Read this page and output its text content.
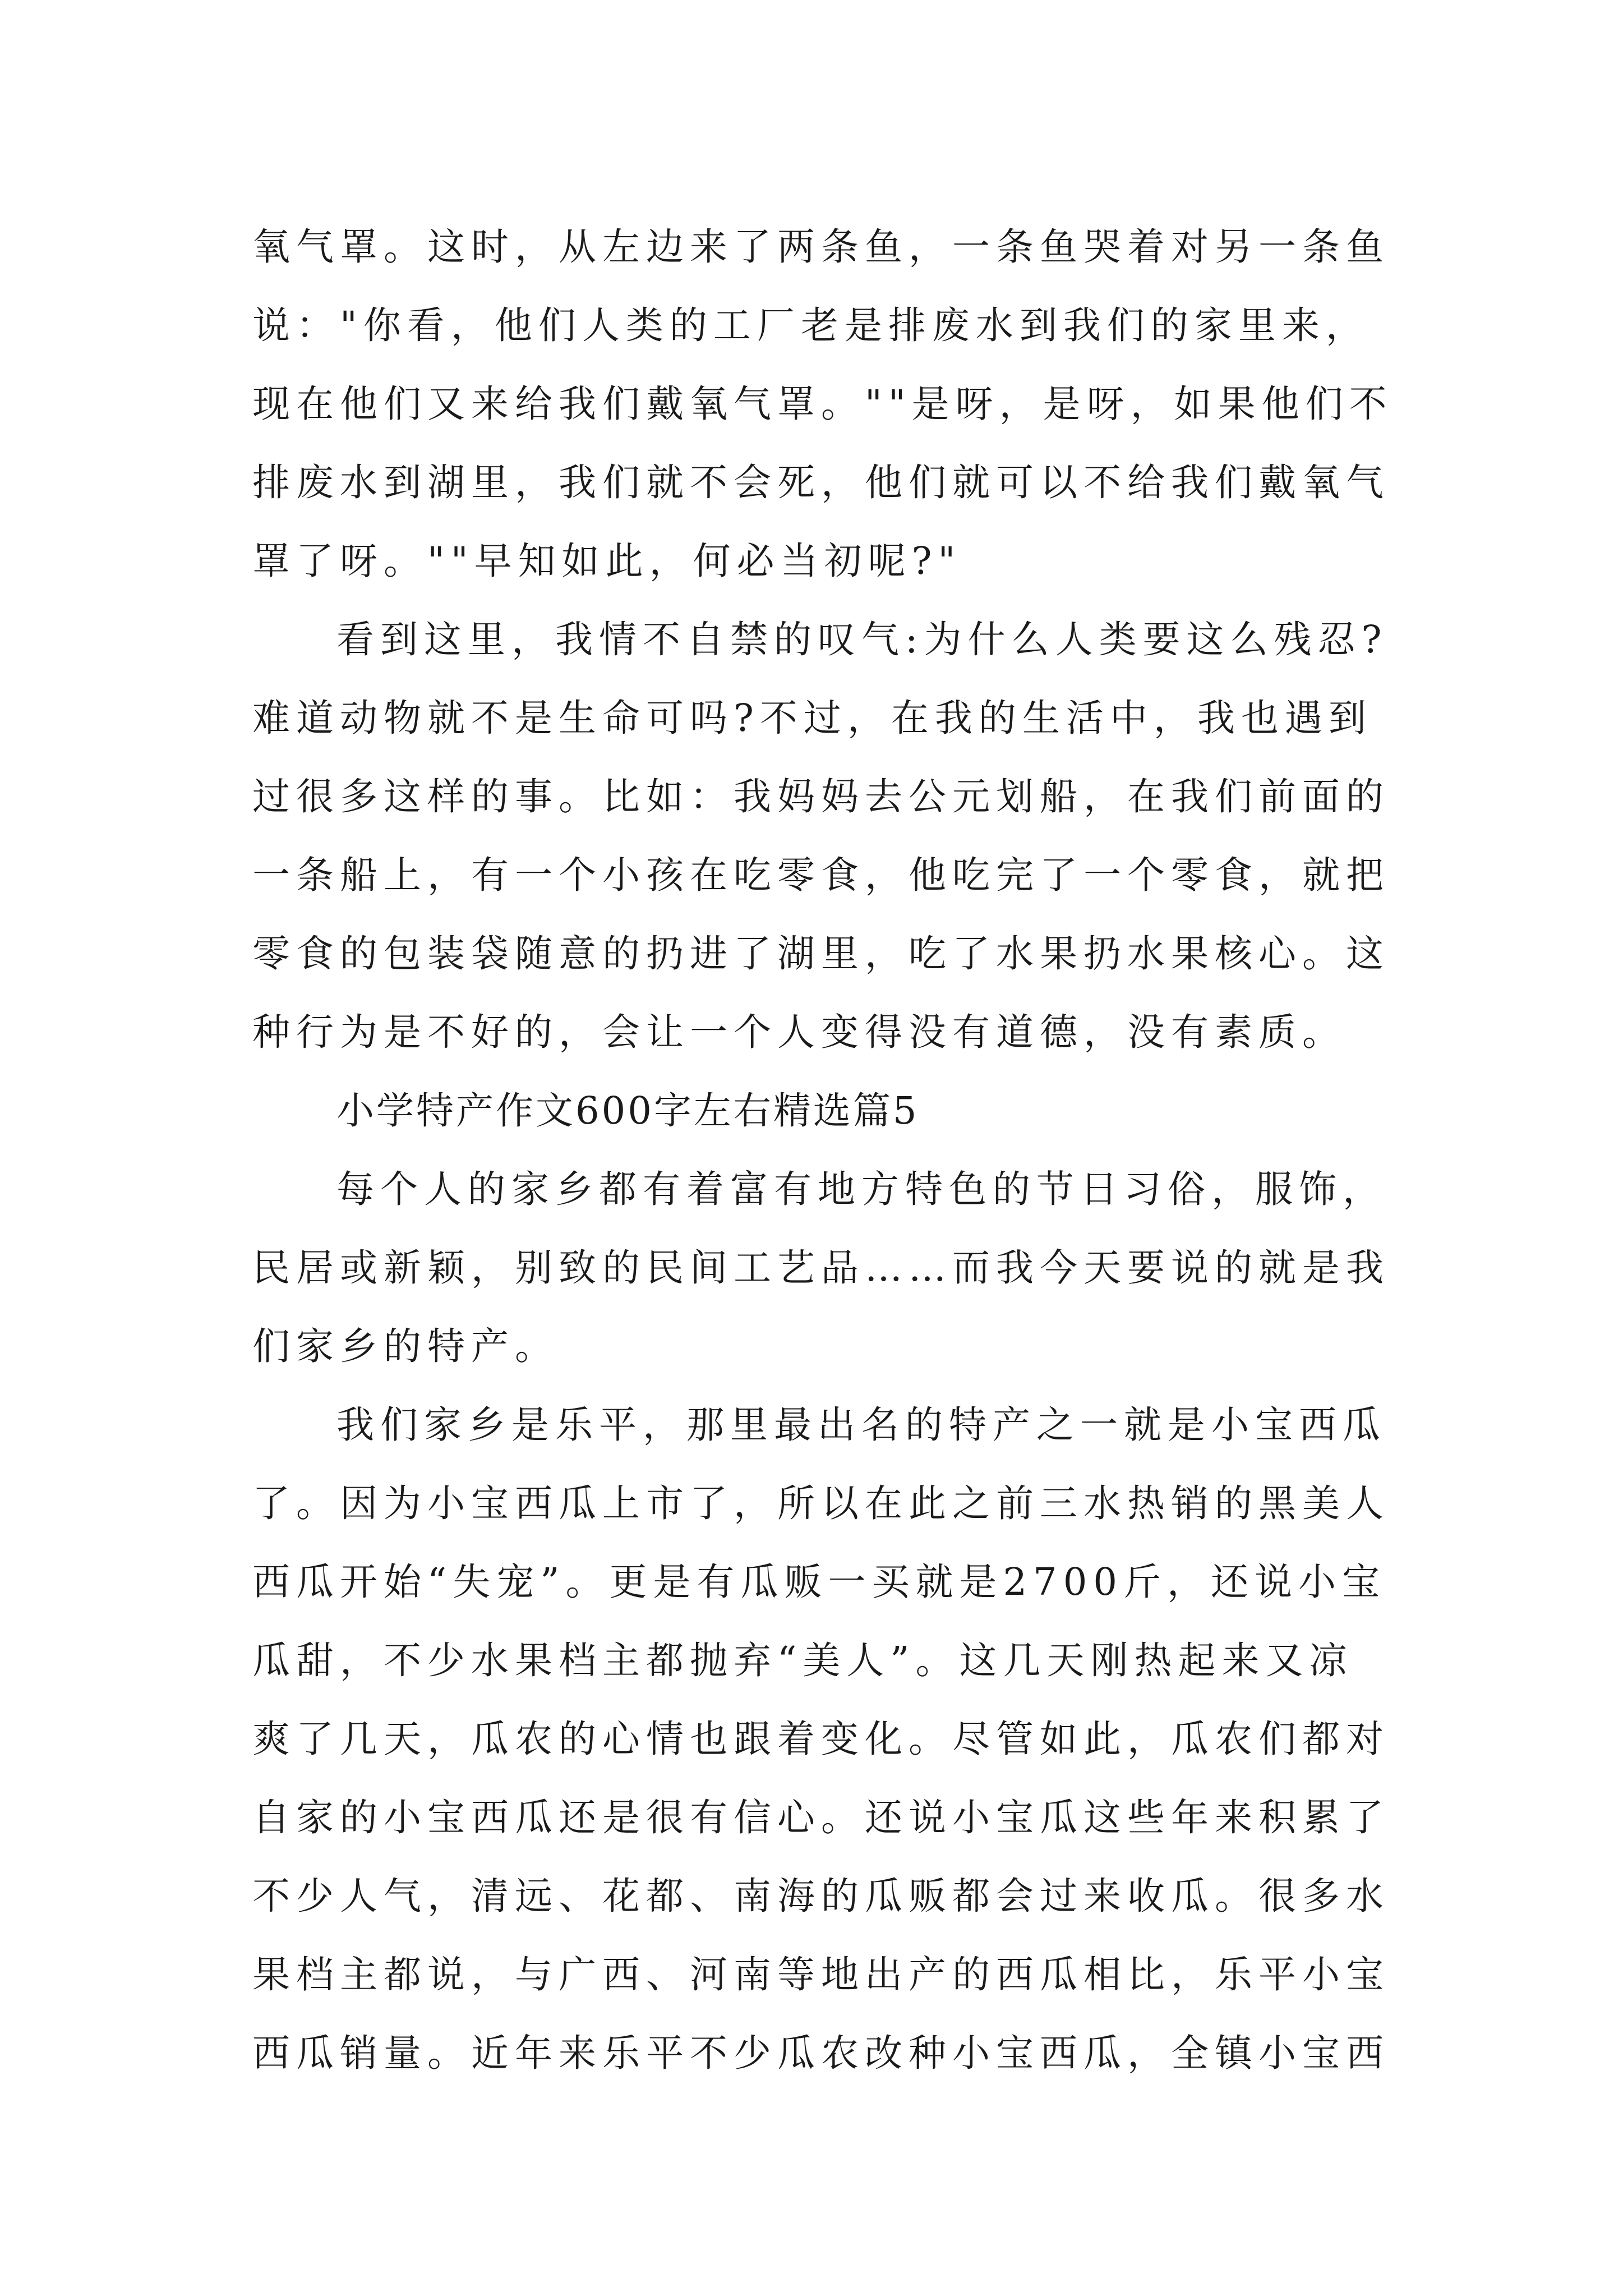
氧气罩。这时，从左边来了两条鱼，一条鱼哭着对另一条鱼
说："你看，他们人类的工厂老是排废水到我们的家里来，
现在他们又来给我们戴氧气罩。""是呀，是呀，如果他们不
排废水到湖里，我们就不会死，他们就可以不给我们戴氧气
罩了呀。""早知如此，何必当初呢?"
看到这里，我情不自禁的叹气:为什么人类要这么残忍?
难道动物就不是生命可吗?不过，在我的生活中，我也遇到
过很多这样的事。比如：我妈妈去公元划船，在我们前面的
一条船上，有一个小孩在吃零食，他吃完了一个零食，就把
零食的包装袋随意的扔进了湖里，吃了水果扔水果核心。这
种行为是不好的，会让一个人变得没有道德，没有素质。
小学特产作文600字左右精选篇5
每个人的家乡都有着富有地方特色的节日习俗，服饰，
民居或新颖，别致的民间工艺品……而我今天要说的就是我
们家乡的特产。
我们家乡是乐平，那里最出名的特产之一就是小宝西瓜
了。因为小宝西瓜上市了，所以在此之前三水热销的黑美人
西瓜开始“失宠”。更是有瓜贩一买就是2700斤，还说小宝
瓜甜，不少水果档主都抛弃“美人”。这几天刚热起来又凉
爽了几天，瓜农的心情也跟着变化。尽管如此，瓜农们都对
自家的小宝西瓜还是很有信心。还说小宝瓜这些年来积累了
不少人气，清远、花都、南海的瓜贩都会过来收瓜。很多水
果档主都说，与广西、河南等地出产的西瓜相比，乐平小宝
西瓜销量。近年来乐平不少瓜农改种小宝西瓜，全镇小宝西
